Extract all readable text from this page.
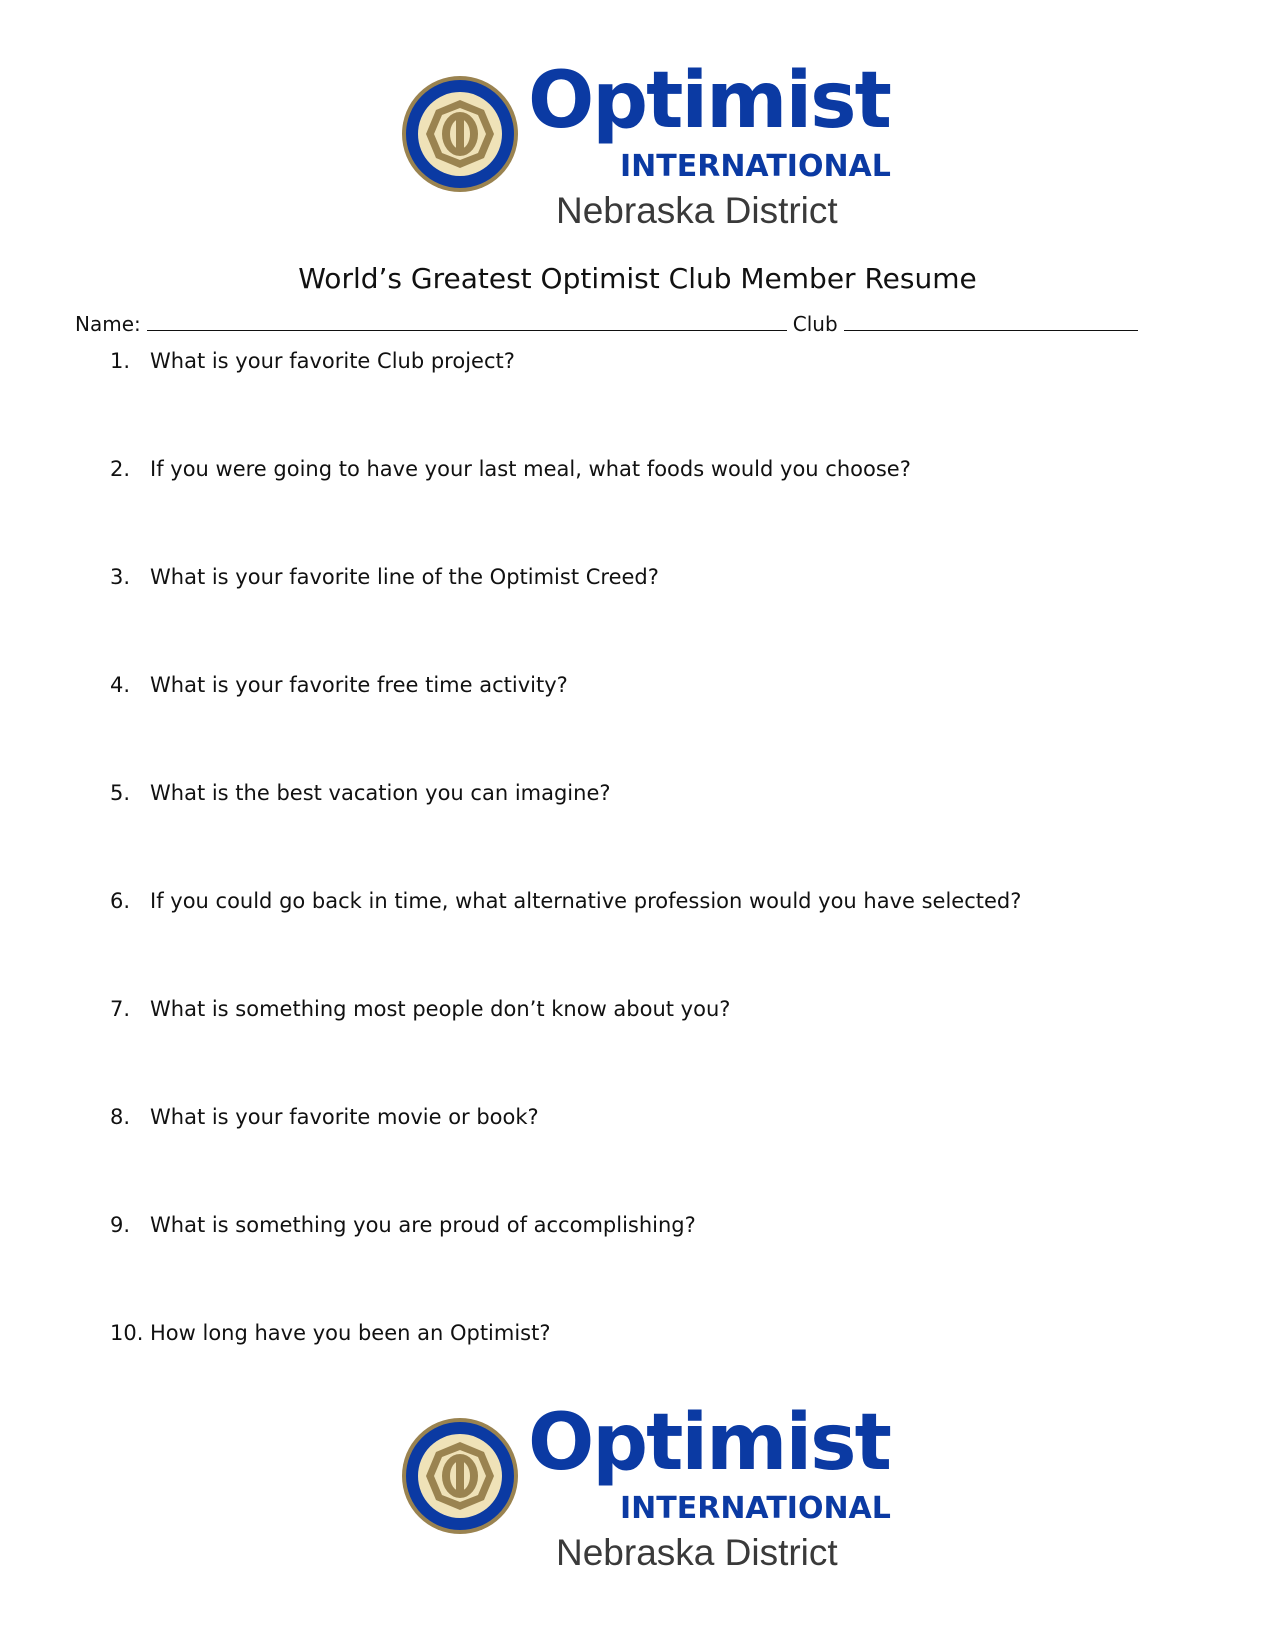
Optimist
INTERNATIONAL
Nebraska District
World’s Greatest Optimist Club Member Resume
Name:	Club
1. What is your favorite Club project?
2. If you were going to have your last meal, what foods would you choose?
3. What is your favorite line of the Optimist Creed?
4. What is your favorite free time activity?
5. What is the best vacation you can imagine?
6. If you could go back in time, what alternative profession would you have selected?
7. What is something most people don’t know about you?
8. What is your favorite movie or book?
9. What is something you are proud of accomplishing?
10. How long have you been an Optimist?
Optimist
INTERNATIONAL
Nebraska District
